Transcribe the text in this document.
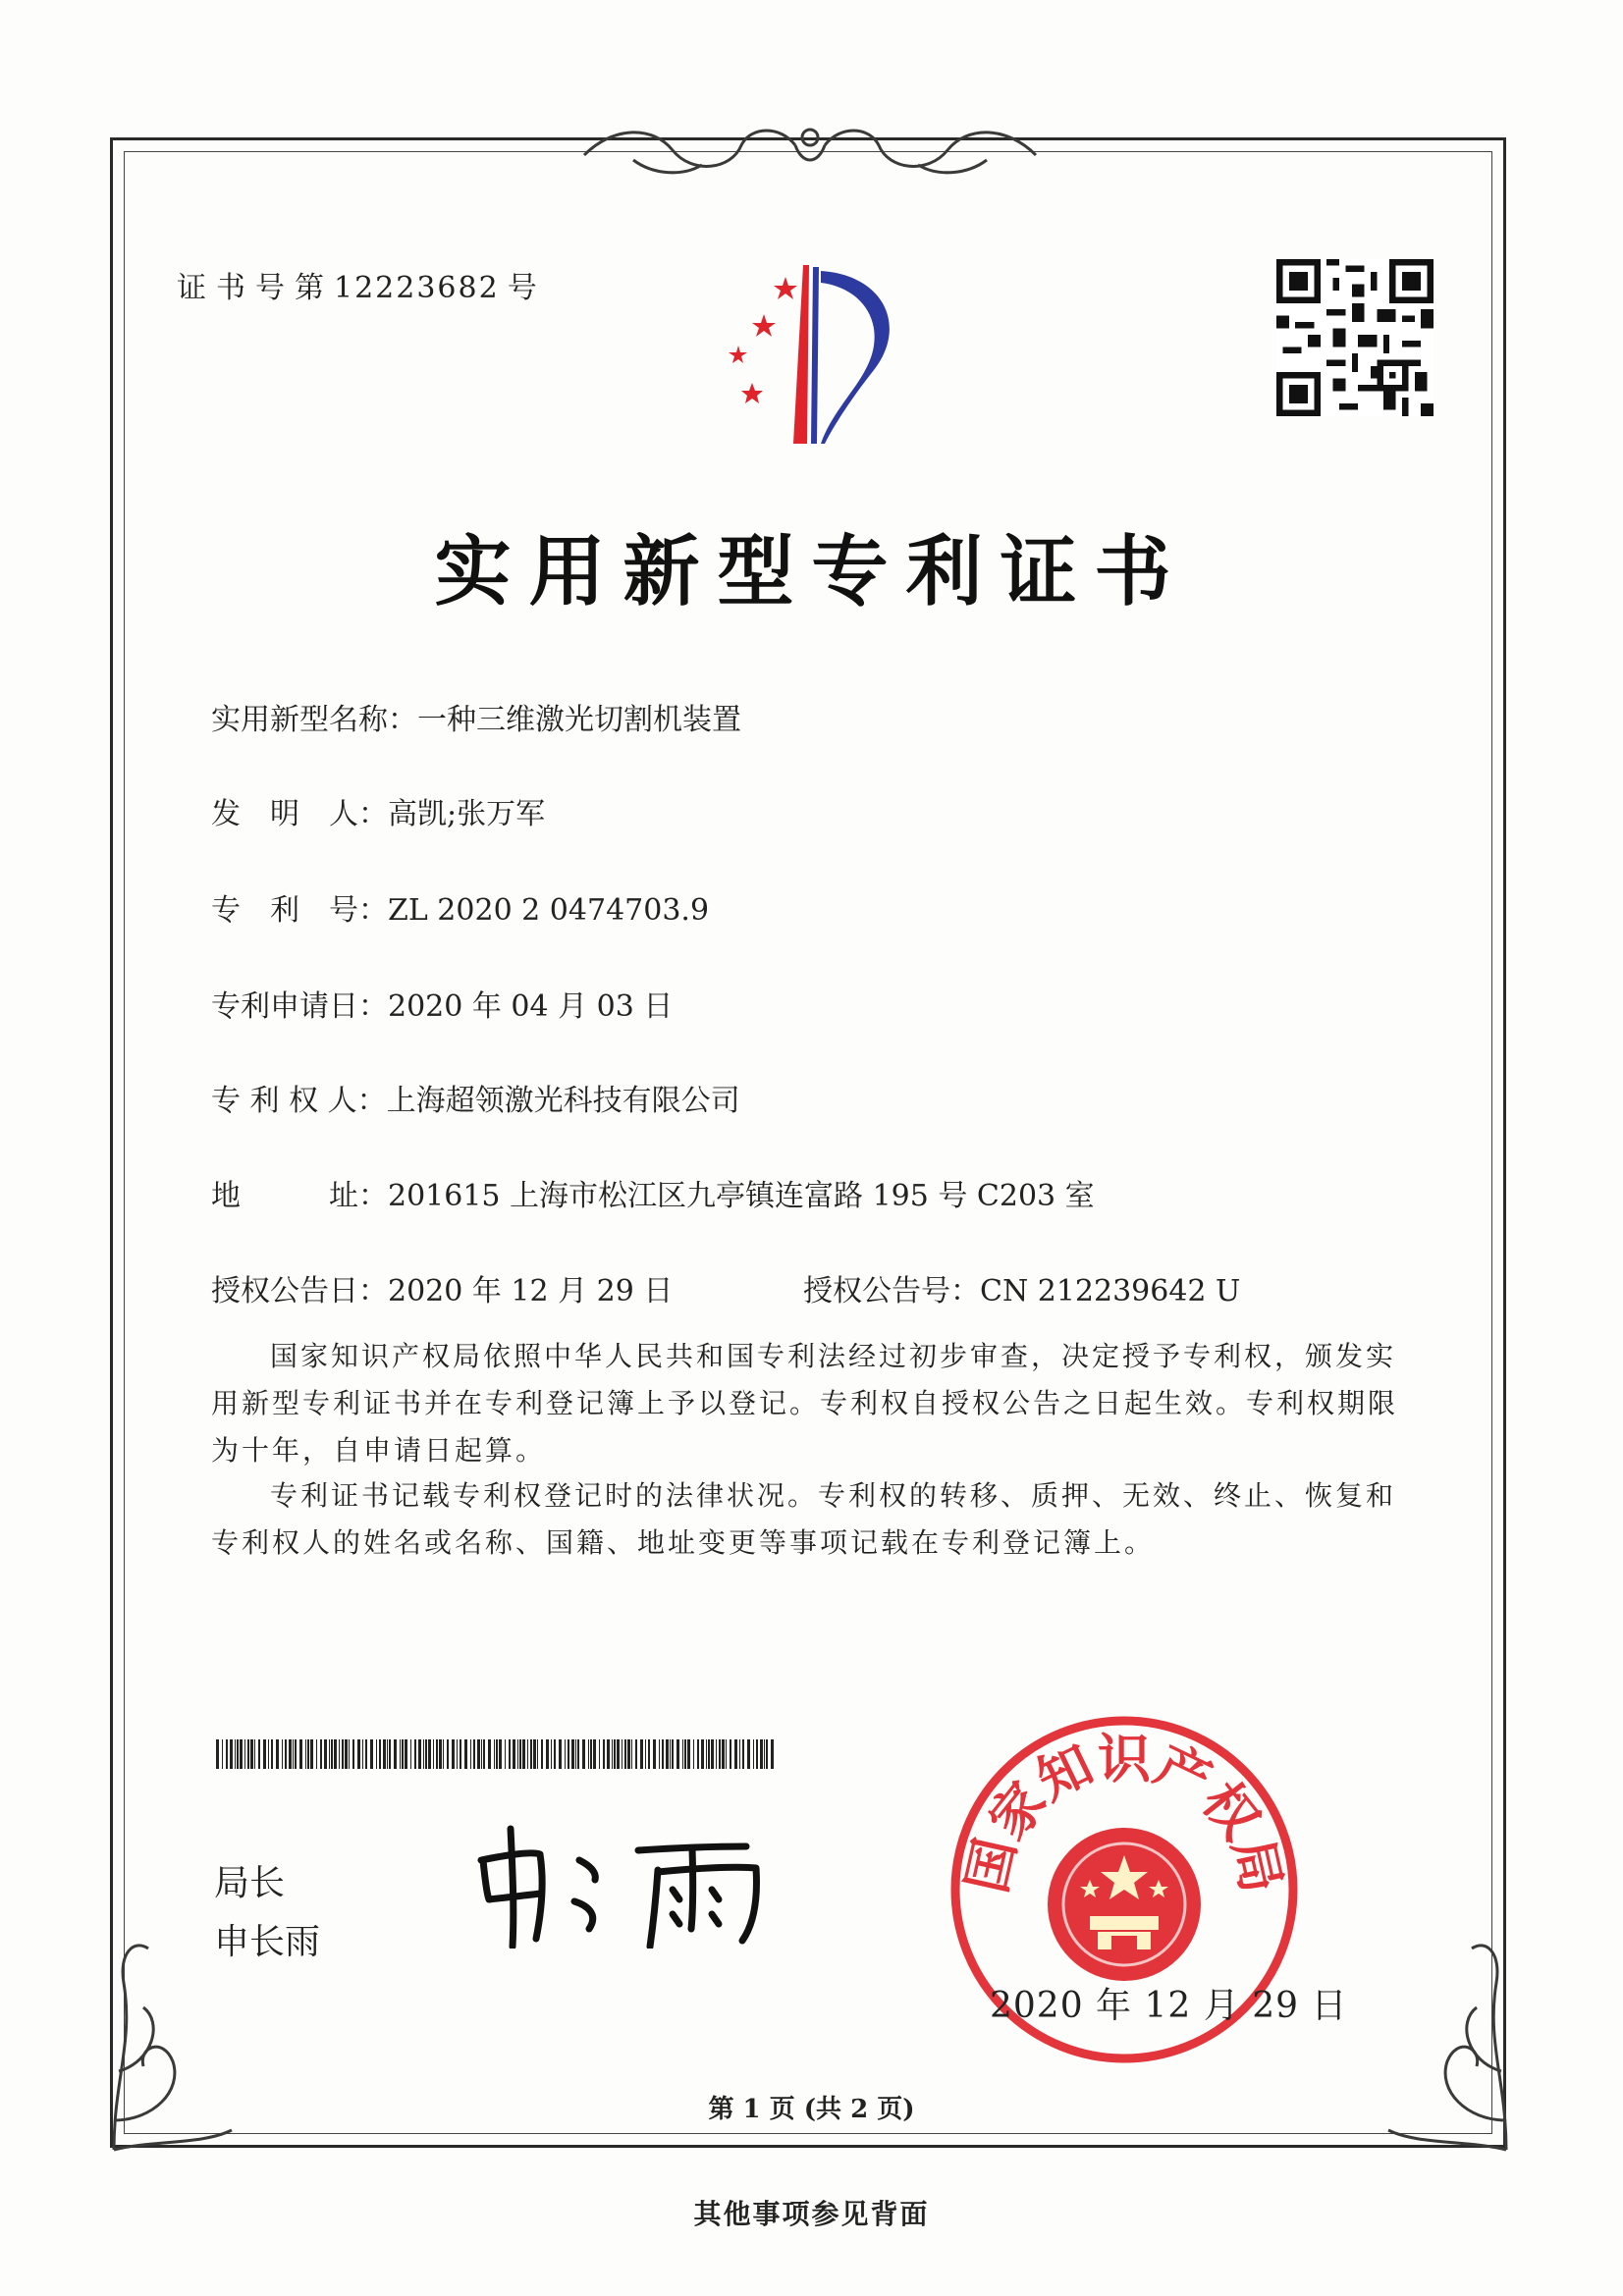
证书号第12223682 号
实用新型专利证书
实用新型名称：一种三维激光切割机装置
发　明　人：高凯;张万军
专　利　号：ZL 2020 2 0474703.9
专利申请日：2020 年 04 月 03 日
专 利 权 人：上海超领激光科技有限公司
地　　　址：201615 上海市松江区九亭镇连富路 195 号 C203 室
授权公告日：2020 年 12 月 29 日	授权公告号：CN 212239642 U
国家知识产权局依照中华人民共和国专利法经过初步审查，决定授予专利权，颁发实用新型专利证书并在专利登记簿上予以登记。专利权自授权公告之日起生效。专利权期限为十年，自申请日起算。
专利证书记载专利权登记时的法律状况。专利权的转移、质押、无效、终止、恢复和专利权人的姓名或名称、国籍、地址变更等事项记载在专利登记簿上。
局长
申长雨
国家知识产权局
2020 年 12 月 29 日
第 1 页 (共 2 页)
其他事项参见背面
